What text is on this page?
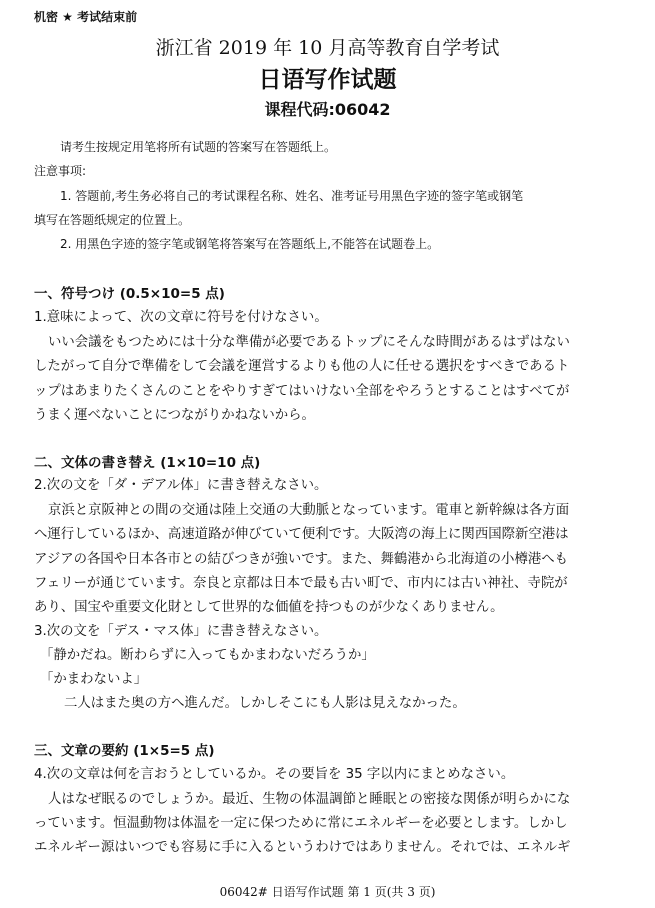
机密 ★ 考试结束前
浙江省 2019 年 10 月高等教育自学考试
日语写作试题
课程代码:06042
请考生按规定用笔将所有试题的答案写在答题纸上。
注意事项:
1. 答题前,考生务必将自己的考试课程名称、姓名、准考证号用黑色字迹的签字笔或钢笔
填写在答题纸规定的位置上。
2. 用黑色字迹的签字笔或钢笔将答案写在答题纸上,不能答在试题卷上。
一、符号つけ (0.5×10=5 点)
1.意味によって、次の文章に符号を付けなさい。
いい会議をもつためには十分な準備が必要であるトップにそんな時間があるはずはない
したがって自分で準備をして会議を運営するよりも他の人に任せる選択をすべきであるト
ップはあまりたくさんのことをやりすぎてはいけない全部をやろうとすることはすべてが
うまく運べないことにつながりかねないから。
二、文体の書き替え (1×10=10 点)
2.次の文を「ダ・デアル体」に書き替えなさい。
京浜と京阪神との間の交通は陸上交通の大動脈となっています。電車と新幹線は各方面
へ運行しているほか、高速道路が伸びていて便利です。大阪湾の海上に関西国際新空港は
アジアの各国や日本各市との結びつきが強いです。また、舞鶴港から北海道の小樽港へも
フェリーが通じています。奈良と京都は日本で最も古い町で、市内には古い神社、寺院が
あり、国宝や重要文化財として世界的な価値を持つものが少なくありません。
3.次の文を「デス・マス体」に書き替えなさい。
「静かだね。断わらずに入ってもかまわないだろうか」
「かまわないよ」
二人はまた奥の方へ進んだ。しかしそこにも人影は見えなかった。
三、文章の要約 (1×5=5 点)
4.次の文章は何を言おうとしているか。その要旨を 35 字以内にまとめなさい。
人はなぜ眠るのでしょうか。最近、生物の体温調節と睡眠との密接な関係が明らかにな
っています。恒温動物は体温を一定に保つために常にエネルギーを必要とします。しかし
エネルギー源はいつでも容易に手に入るというわけではありません。それでは、エネルギ
06042# 日语写作试题 第 1 页(共 3 页)
